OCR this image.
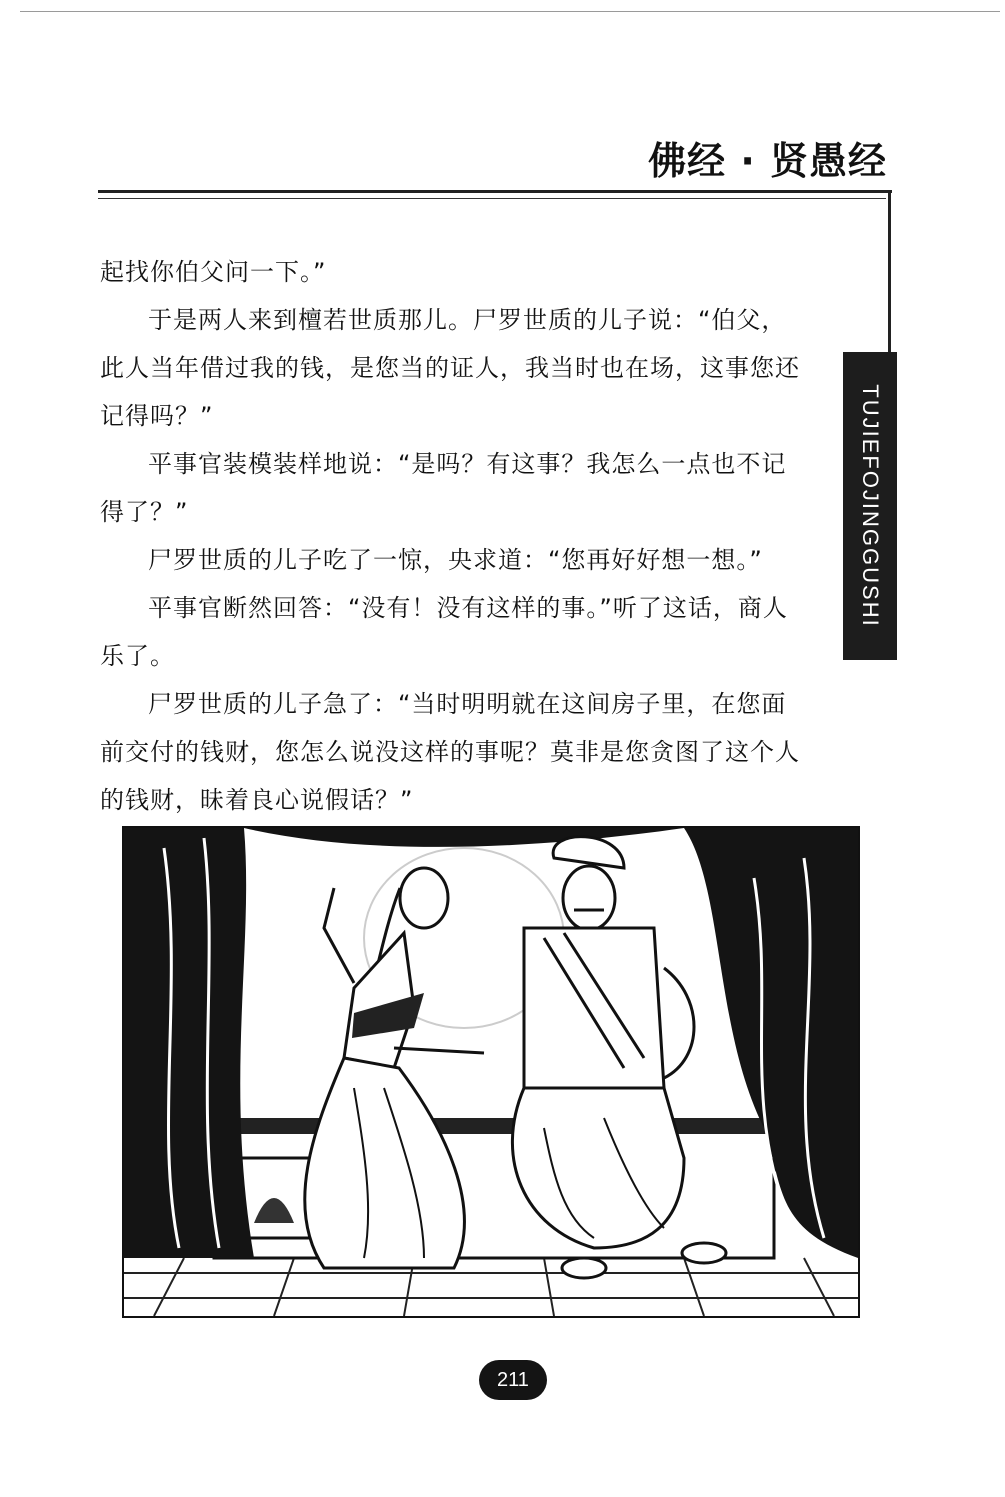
佛经 · 贤愚经
TUJIEFOJINGGUSHI

起找你伯父问一下。”

于是两人来到檀若世质那儿。尸罗世质的儿子说：“伯父，此人当年借过我的钱，是您当的证人，我当时也在场，这事您还记得吗？”

平事官装模装样地说：“是吗？有这事？我怎么一点也不记得了？”

尸罗世质的儿子吃了一惊，央求道：“您再好好想一想。”

平事官断然回答：“没有！没有这样的事。”听了这话，商人乐了。

尸罗世质的儿子急了：“当时明明就在这间房子里，在您面前交付的钱财，您怎么说没这样的事呢？莫非是您贪图了这个人的钱财，昧着良心说假话？”

211
